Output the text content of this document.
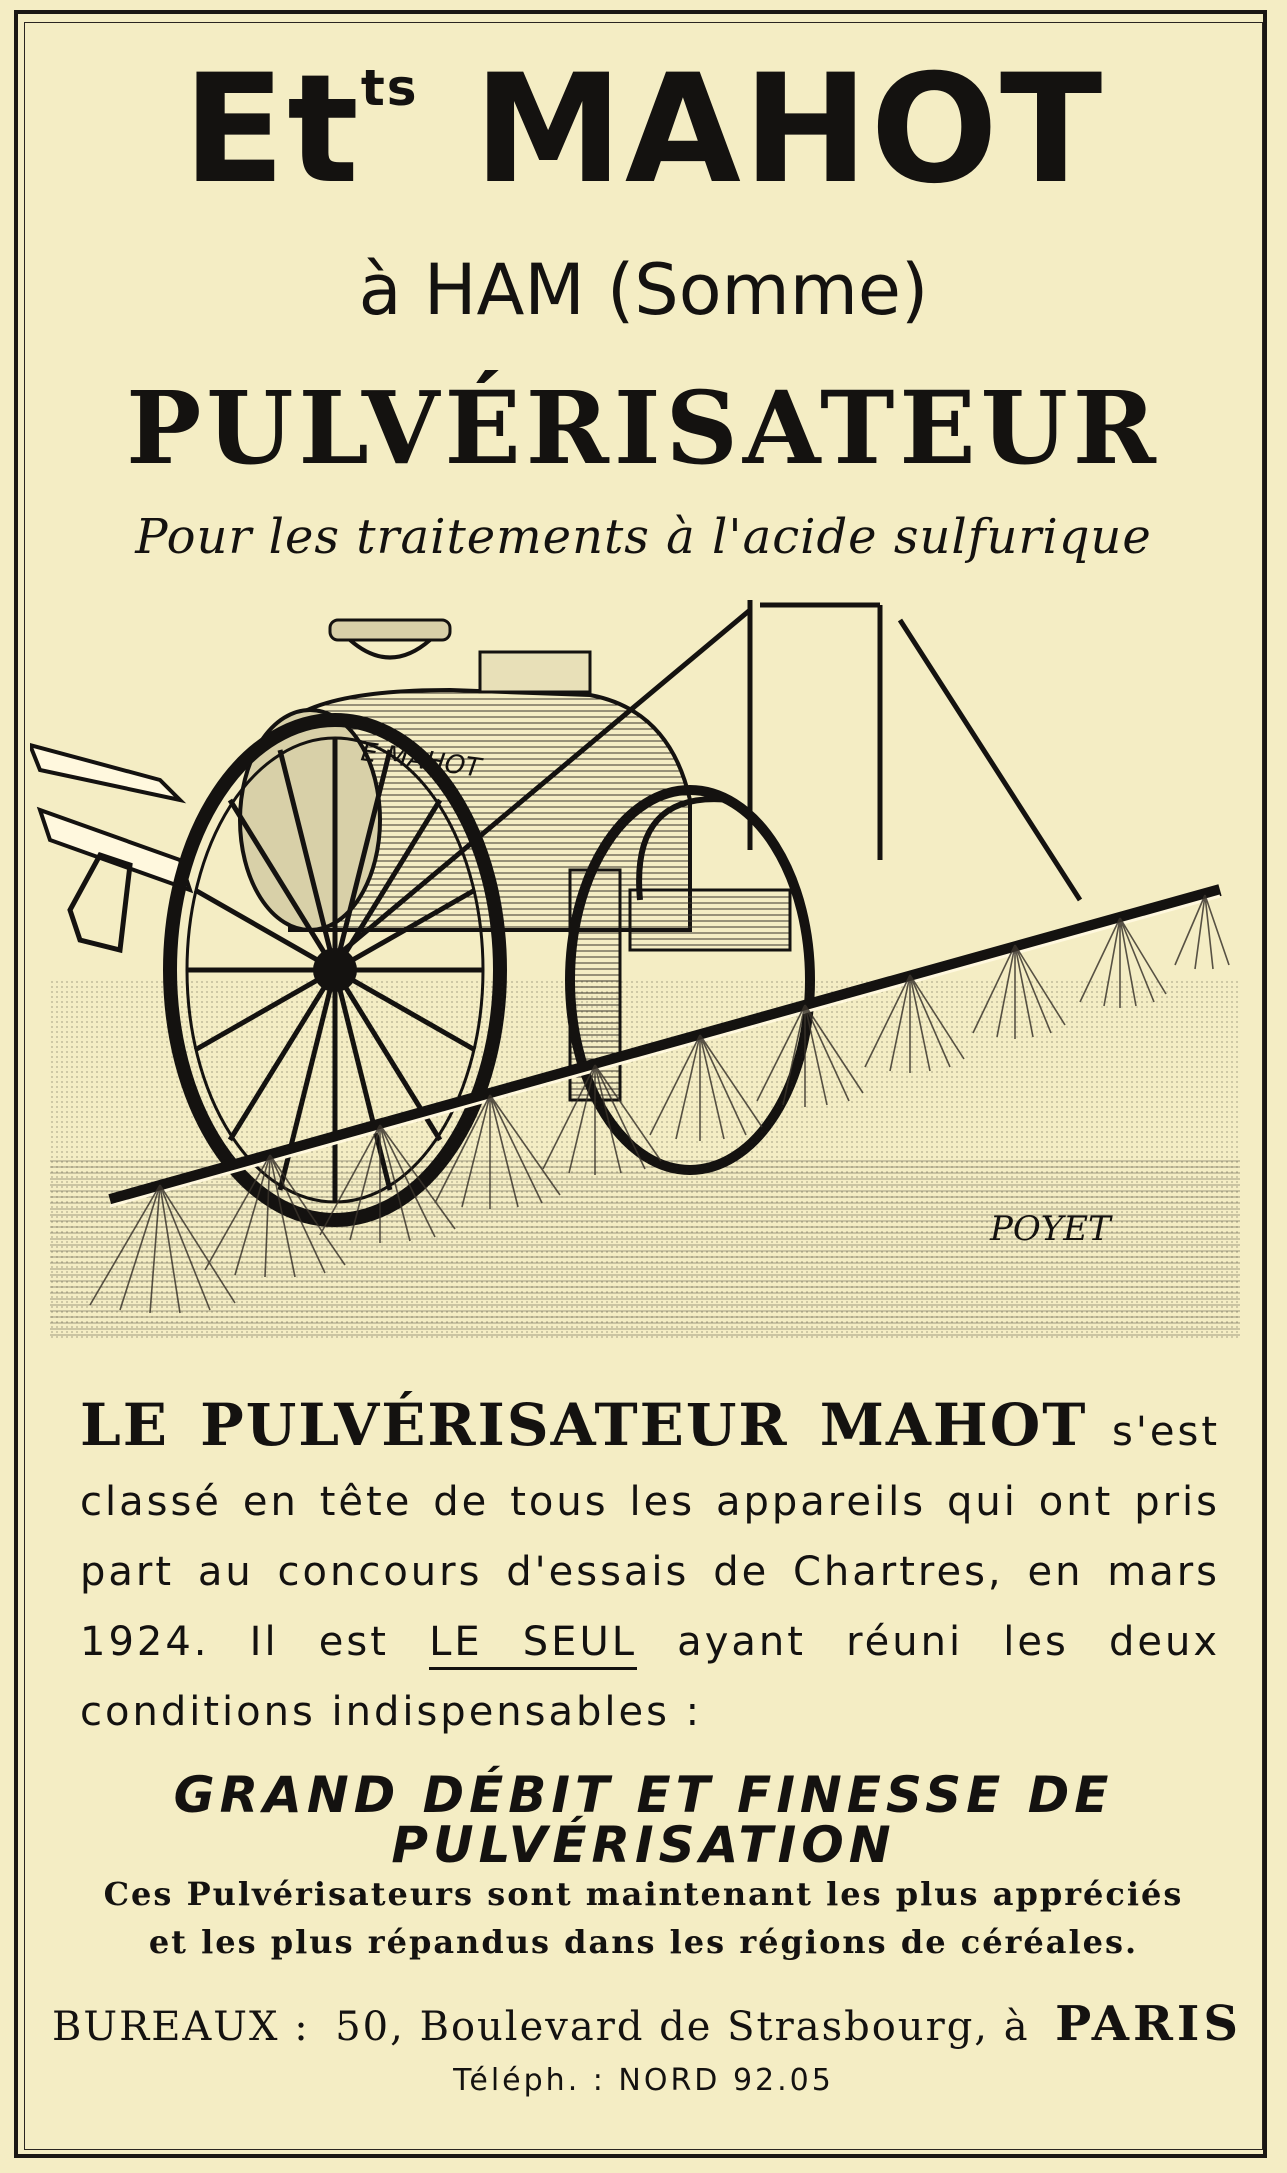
$Et^{ts}$ MAHOT
à HAM (Somme)
PULVÉRISATEUR
Pour les traitements à l'acide sulfurique
E MAHOT
POYET
LE PULVÉRISATEUR MAHOT s'est classé en tête de tous les appareils qui ont pris part au concours d'essais de Chartres, en mars 1924. Il est LE SEUL ayant réuni les deux conditions indispensables :
GRAND DÉBIT ET FINESSE DE PULVÉRISATION
Ces Pulvérisateurs sont maintenant les plus appréciés
et les plus répandus dans les régions de céréales.
BUREAUX : 50, Boulevard de Strasbourg, à PARIS
Téléph. : NORD 92.05
